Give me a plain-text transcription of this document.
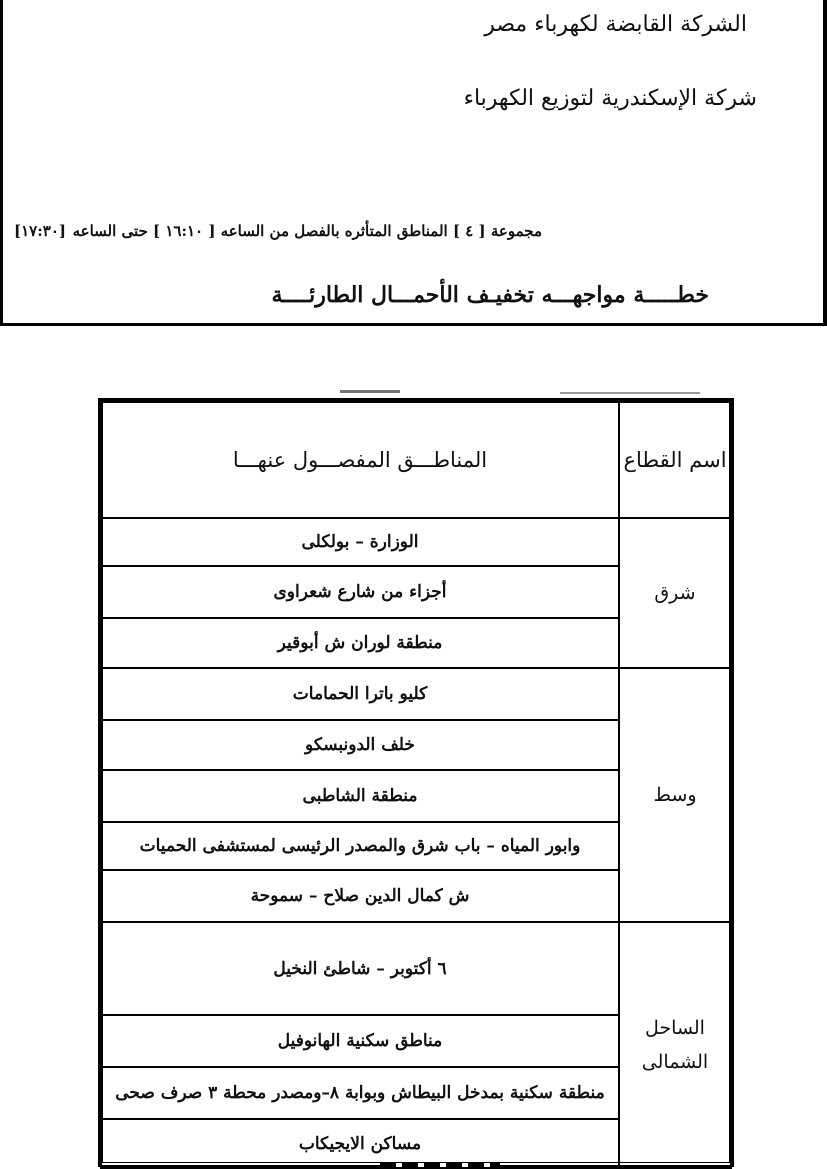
الشركة القابضة لكهرباء مصر
شركة الإسكندرية لتوزيع الكهرباء
مجموعة [ ٤ ] المناطق المتأثره بالفصل من الساعه [ ١٦:١٠ ] حتى الساعه
[١٧:٣٠]
خطـــــة مواجهـــه تخفيـف الأحمـــال الطارئــــة
اسم القطاع	المناطـــق المفصـــول عنهـــا

شرق	الوزارة – بولكلى
	أجزاء من شارع شعراوى
	منطقة لوران ش أبوقير

وسط	كليو باترا الحمامات
	خلف الدونبسكو
	منطقة الشاطبى
	وابور المياه – باب شرق والمصدر الرئيسى لمستشفى الحميات
	ش كمال الدين صلاح – سموحة

الساحل
الشمالى	٦ أكتوبر – شاطئ النخيل
	مناطق سكنية الهانوفيل
	منطقة سكنية بمدخل البيطاش وبوابة ٨–ومصدر محطة ٣ صرف صحى
	مساكن الايجيكاب
